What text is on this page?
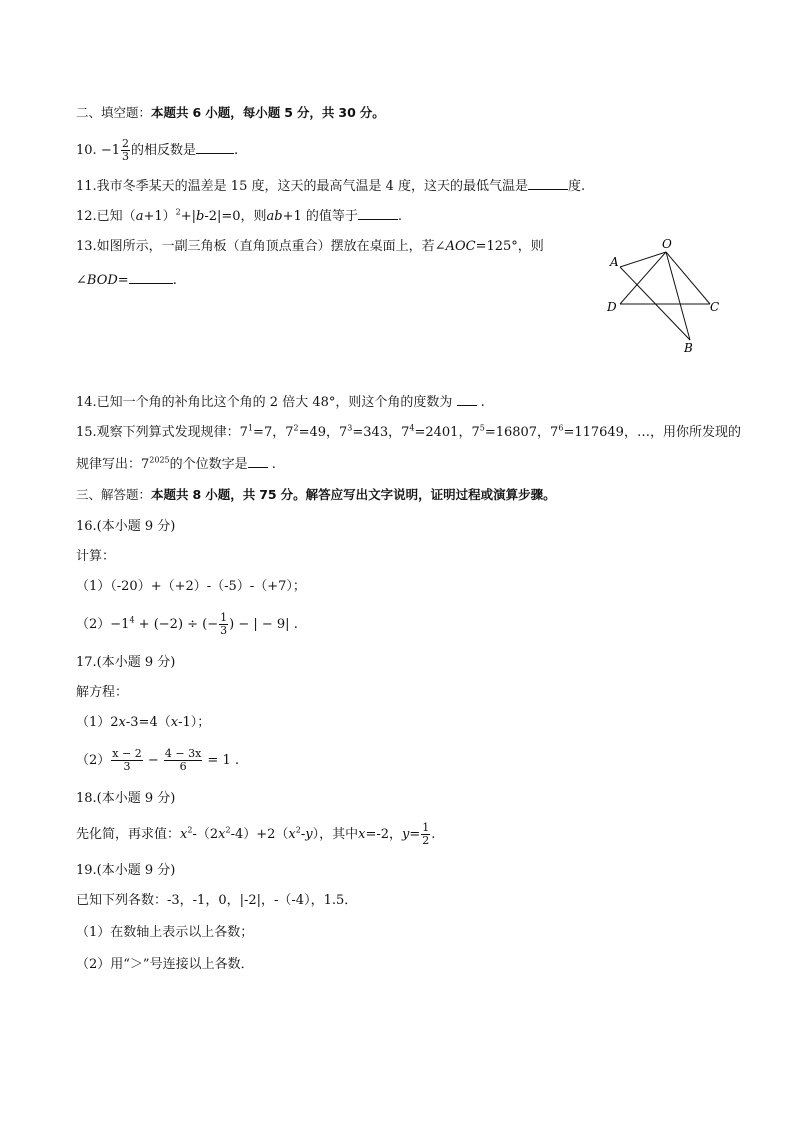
二、填空题：本题共 6 小题，每小题 5 分，共 30 分。
10. $-1 \frac{2}{3}$ 的相反数是	.
11.我市冬季某天的温差是 15 度，这天的最高气温是 4 度，这天的最低气温是	度.
12.已知$(a+1)^2+|b-2|=0$，则ab+1 的值等于	.
13.如图所示，一副三角板（直角顶点重合）摆放在桌面上，若∠AOC=125°，则
∠BOD=	.
O
A
D	C
B
14.已知一个角的补角比这个角的 2 倍大 48°，则这个角的度数为 .
15.观察下列算式发现规律：$7^1=7$，$7^2=49$，$7^3=343$，$7^4=2401$，$7^5=16807$，$7^6=117649$，…，用你所发现的
规律写出：$7^{2025}$的个位数字是 .
三、解答题：本题共 8 小题，共 75 分。解答应写出文字说明，证明过程或演算步骤。
16.(本小题 9 分)
计算：
（1）（-20）+（+2）-（-5）-（+7）；
$(2)-1^4 + (-2)$ ÷ (− $\frac{1}{3}$ ) − | − 9| .
17.(本小题 9 分)
解方程：
（1）2x-3=4（x-1）；
$(2) \frac{x - 2}{3} - \frac{4 - 3x}{6} = 1$ .
18.(本小题 9 分)
先化简，再求值：$x^2-(2x^2-4)+2(x^2-y)$，其中x=-2，$y= \frac{1}{2}$ .
19.(本小题 9 分)
已知下列各数：-3，-1，0，|-2|，-（-4），1.5．
（1）在数轴上表示以上各数；
（2）用“＞”号连接以上各数．
